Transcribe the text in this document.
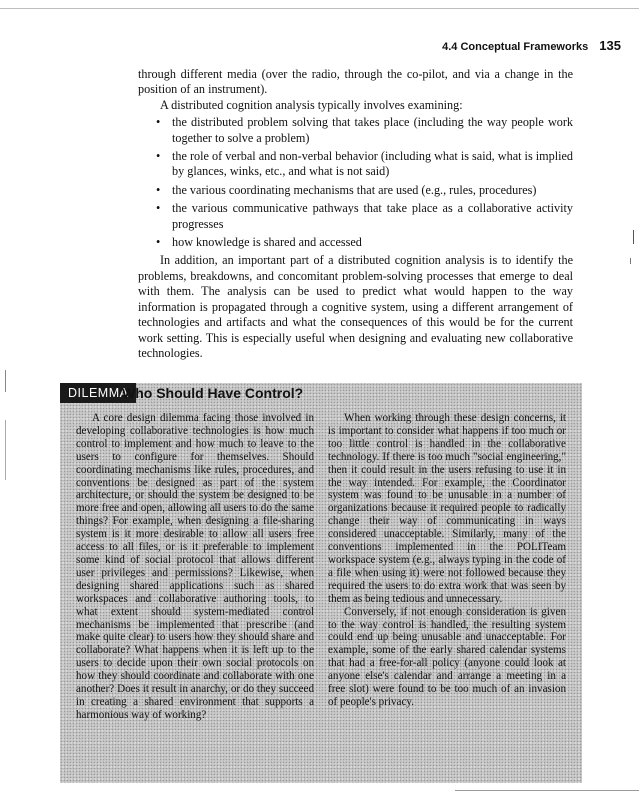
4.4 Conceptual Frameworks 135

through different media (over the radio, through the co-pilot, and via a change in the position of an instrument).

A distributed cognition analysis typically involves examining:

• the distributed problem solving that takes place (including the way people work together to solve a problem)
• the role of verbal and non-verbal behavior (including what is said, what is implied by glances, winks, etc., and what is not said)
• the various coordinating mechanisms that are used (e.g., rules, procedures)
• the various communicative pathways that take place as a collaborative activity progresses
• how knowledge is shared and accessed

In addition, an important part of a distributed cognition analysis is to identify the problems, breakdowns, and concomitant problem-solving processes that emerge to deal with them. The analysis can be used to predict what would happen to the way information is propagated through a cognitive system, using a different arrangement of technologies and artifacts and what the consequences of this would be for the current work setting. This is especially useful when designing and evaluating new collaborative technologies.

DILEMMA
Who Should Have Control?

A core design dilemma facing those involved in developing collaborative technologies is how much control to implement and how much to leave to the users to configure for themselves. Should coordinating mechanisms like rules, procedures, and conventions be designed as part of the system architecture, or should the system be designed to be more free and open, allowing all users to do the same things? For example, when designing a file-sharing system is it more desirable to allow all users free access to all files, or is it preferable to implement some kind of social protocol that allows different user privileges and permissions? Likewise, when designing shared applications such as shared workspaces and collaborative authoring tools, to what extent should system-mediated control mechanisms be implemented that prescribe (and make quite clear) to users how they should share and collaborate? What happens when it is left up to the users to decide upon their own social protocols on how they should coordinate and collaborate with one another? Does it result in anarchy, or do they succeed in creating a shared environment that supports a harmonious way of working?

When working through these design concerns, it is important to consider what happens if too much or too little control is handled in the collaborative technology. If there is too much "social engineering," then it could result in the users refusing to use it in the way intended. For example, the Coordinator system was found to be unusable in a number of organizations because it required people to radically change their way of communicating in ways considered unacceptable. Similarly, many of the conventions implemented in the POLITeam workspace system (e.g., always typing in the code of a file when using it) were not followed because they required the users to do extra work that was seen by them as being tedious and unnecessary.

Conversely, if not enough consideration is given to the way control is handled, the resulting system could end up being unusable and unacceptable. For example, some of the early shared calendar systems that had a free-for-all policy (anyone could look at anyone else's calendar and arrange a meeting in a free slot) were found to be too much of an invasion of people's privacy.
